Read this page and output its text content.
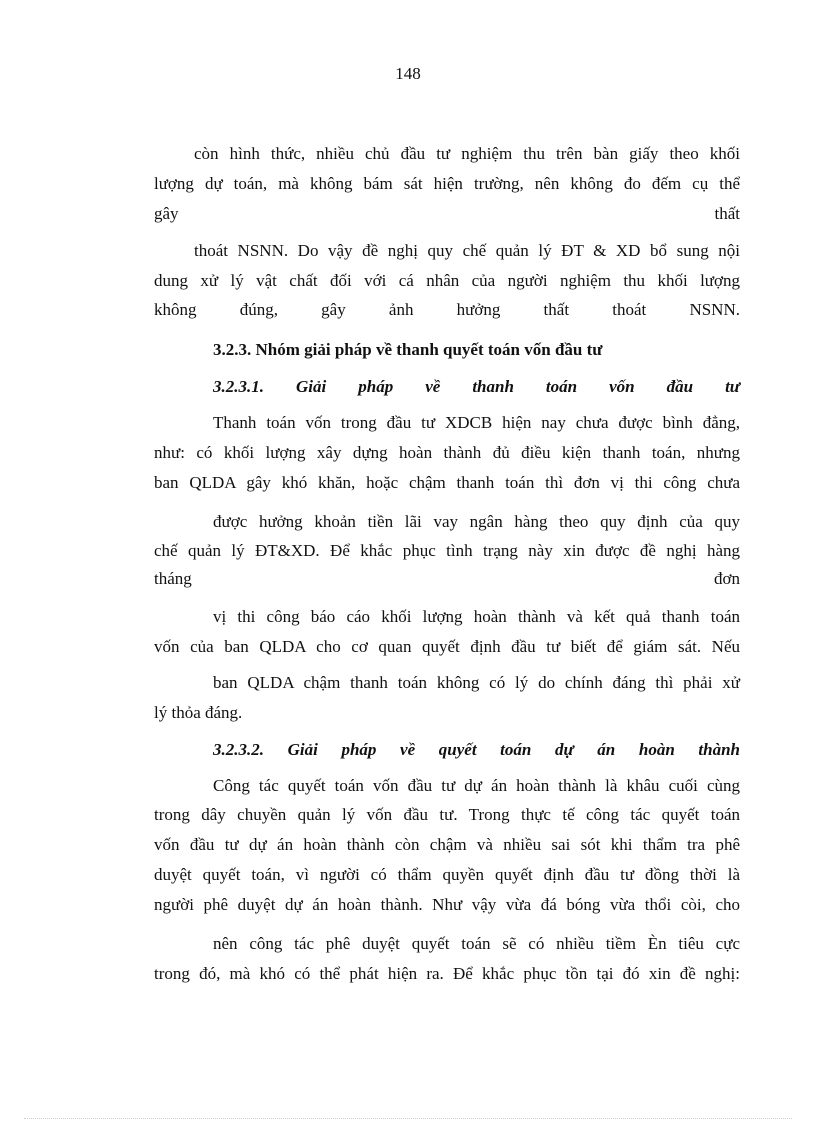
148
còn hình thức, nhiều chủ đầu tư nghiệm thu trên bàn giấy theo khối
lượng dự toán, mà không bám sát hiện trường, nên không đo đếm cụ thể
gây thất
thoát NSNN. Do vậy đề nghị quy chế quản lý ĐT & XD bổ sung nội
dung xử lý vật chất đối với cá nhân của người nghiệm thu khối lượng
không đúng, gây ảnh hưởng thất thoát NSNN.
3.2.3. Nhóm giải pháp về thanh quyết toán vốn đầu tư
3.2.3.1. Giải pháp về thanh toán vốn đầu tư
Thanh toán vốn trong đầu tư XDCB hiện nay chưa được bình đẳng,
như: có khối lượng xây dựng hoàn thành đủ điều kiện thanh toán, nhưng
ban QLDA gây khó khăn, hoặc chậm thanh toán thì đơn vị thi công chưa
được hưởng khoản tiền lãi vay ngân hàng theo quy định của quy
chế quản lý ĐT&XD. Để khắc phục tình trạng này xin được đề nghị hàng
tháng đơn
vị thi công báo cáo khối lượng hoàn thành và kết quả thanh toán
vốn của ban QLDA cho cơ quan quyết định đầu tư biết để giám sát. Nếu
ban QLDA chậm thanh toán không có lý do chính đáng thì phải xử
lý thỏa đáng.
3.2.3.2. Giải pháp về quyết toán dự án hoàn thành
Công tác quyết toán vốn đầu tư dự án hoàn thành là khâu cuối cùng
trong dây chuyền quản lý vốn đầu tư. Trong thực tế công tác quyết toán
vốn đầu tư dự án hoàn thành còn chậm và nhiều sai sót khi thẩm tra phê
duyệt quyết toán, vì người có thẩm quyền quyết định đầu tư đồng thời là
người phê duyệt dự án hoàn thành. Như vậy vừa đá bóng vừa thổi còi, cho
nên công tác phê duyệt quyết toán sẽ có nhiều tiềm Èn tiêu cực
trong đó, mà khó có thể phát hiện ra. Để khắc phục tồn tại đó xin đề nghị:
